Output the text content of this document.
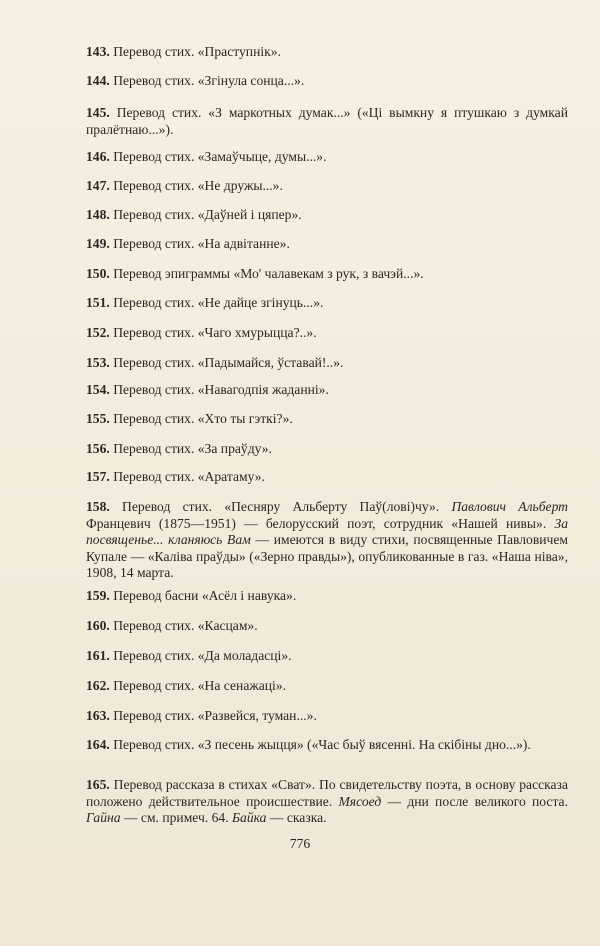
143. Перевод стих. «Праступнік».

144. Перевод стих. «Згінула сонца...».

145. Перевод стих. «З маркотных думак...» («Ці вымкну я птушкаю з думкай пралётнаю...»).

146. Перевод стих. «Замаўчыце, думы...».

147. Перевод стих. «Не дружы...».

148. Перевод стих. «Даўней і цяпер».

149. Перевод стих. «На адвітанне».

150. Перевод эпиграммы «Мо' чалавекам з рук, з вачэй...».

151. Перевод стих. «Не дайце згінуць...».

152. Перевод стих. «Чаго хмурыцца?..».

153. Перевод стих. «Падымайся, ўставай!..».

154. Перевод стих. «Навагодпія жаданні».

155. Перевод стих. «Хто ты гэткі?».

156. Перевод стих. «За праўду».

157. Перевод стих. «Аратаму».

158. Перевод стих. «Песняру Альберту Паў(лові)чу». Павлович Альберт Францевич (1875—1951) — белорусский поэт, сотрудник «Нашей нивы». За посвященье... кланяюсь Вам — имеются в виду стихи, посвященные Павловичем Купале — «Каліва праўды» («Зерно правды»), опубликованные в газ. «Наша ніва», 1908, 14 марта.

159. Перевод басни «Асёл і навука».

160. Перевод стих. «Касцам».

161. Перевод стих. «Да моладасці».

162. Перевод стих. «На сенажаці».

163. Перевод стих. «Развейся, туман...».

164. Перевод стих. «З песень жыцця» («Час быў вясенні. На скібіны дно...»).

165. Перевод рассказа в стихах «Сват». По свидетельству поэта, в основу рассказа положено действительное происшествие. Мясоед — дни после великого поста. Гайна — см. примеч. 64. Байка — сказка.

776
